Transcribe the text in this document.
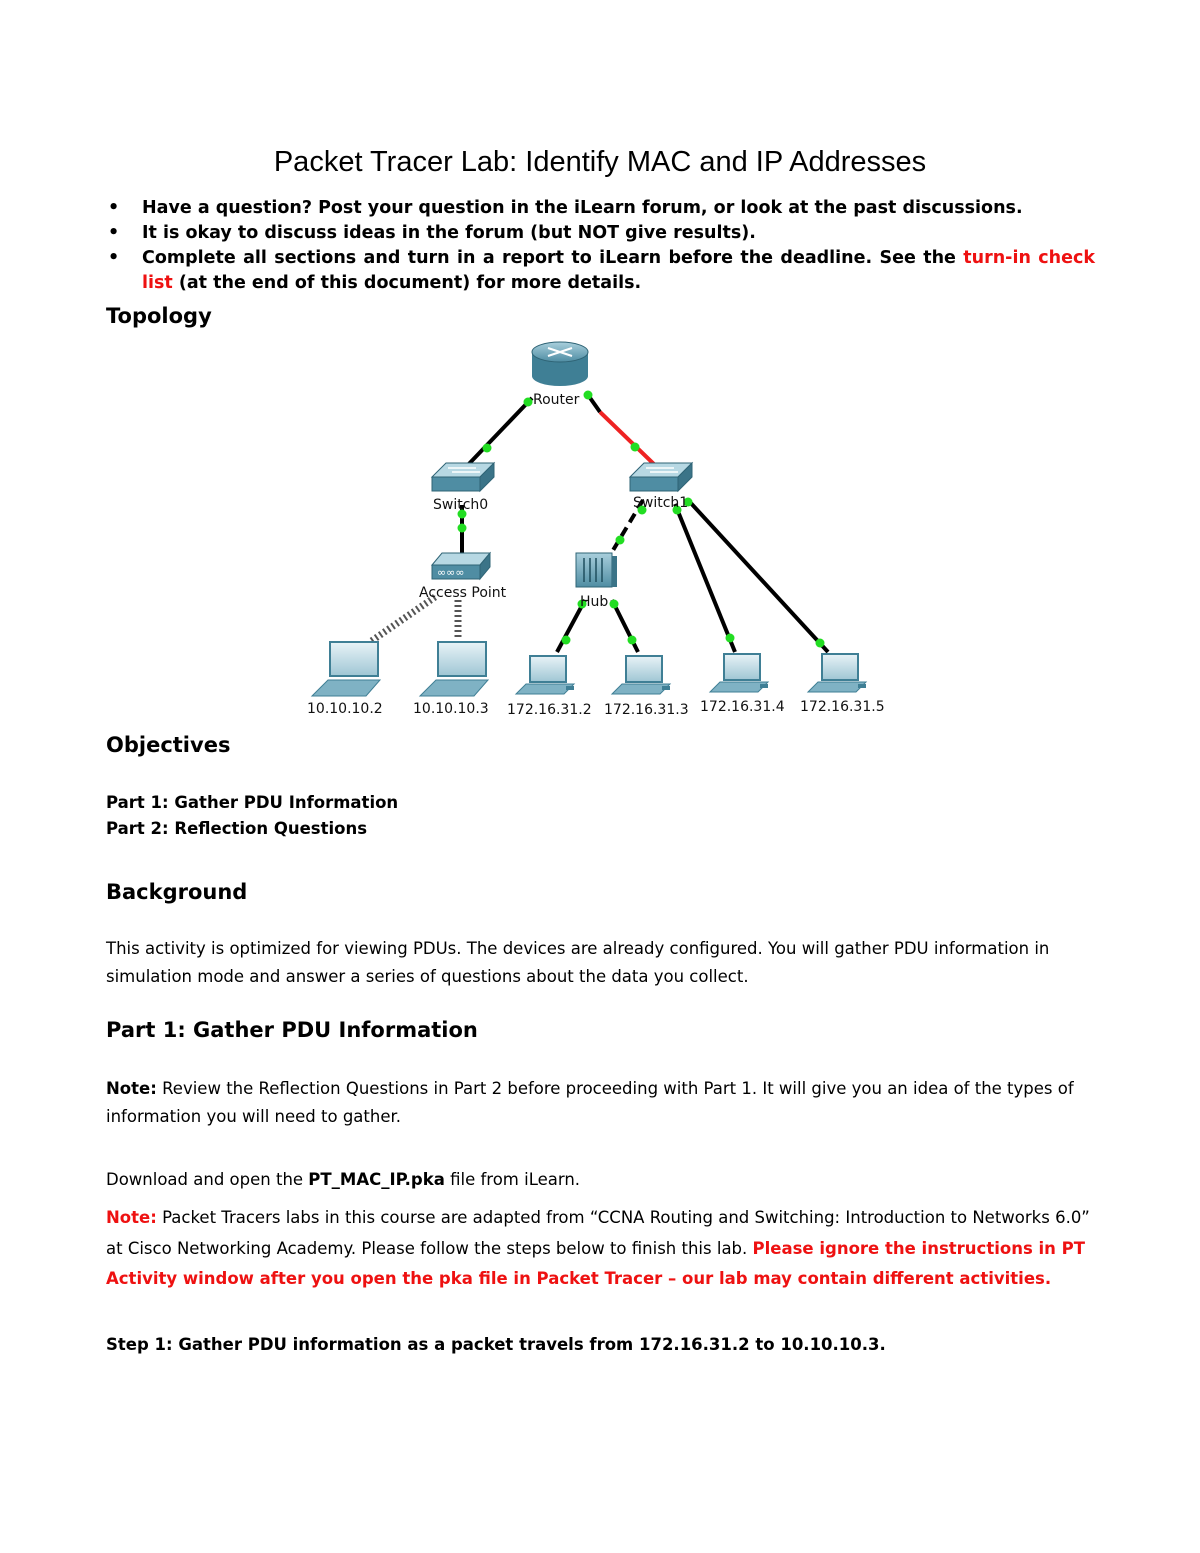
Packet Tracer Lab: Identify MAC and IP Addresses
• Have a question? Post your question in the iLearn forum, or look at the past discussions.
• It is okay to discuss ideas in the forum (but NOT give results).
• Complete all sections and turn in a report to iLearn before the deadline. See the turn-in check list (at the end of this document) for more details.
Topology
Router
Switch0	Switch1
∞∞∞
Access Point
Hub
10.10.10.2 10.10.10.3 172.16.31.2 172.16.31.3 172.16.31.4 172.16.31.5
Objectives
Part 1: Gather PDU Information
Part 2: Reflection Questions
Background
This activity is optimized for viewing PDUs. The devices are already configured. You will gather PDU information in simulation mode and answer a series of questions about the data you collect.
Part 1: Gather PDU Information
Note: Review the Reflection Questions in Part 2 before proceeding with Part 1. It will give you an idea of the types of information you will need to gather.
Download and open the PT_MAC_IP.pka file from iLearn.
Note: Packet Tracers labs in this course are adapted from “CCNA Routing and Switching: Introduction to Networks 6.0” at Cisco Networking Academy. Please follow the steps below to finish this lab. Please ignore the instructions in PT Activity window after you open the pka file in Packet Tracer – our lab may contain different activities.
Step 1: Gather PDU information as a packet travels from 172.16.31.2 to 10.10.10.3.
